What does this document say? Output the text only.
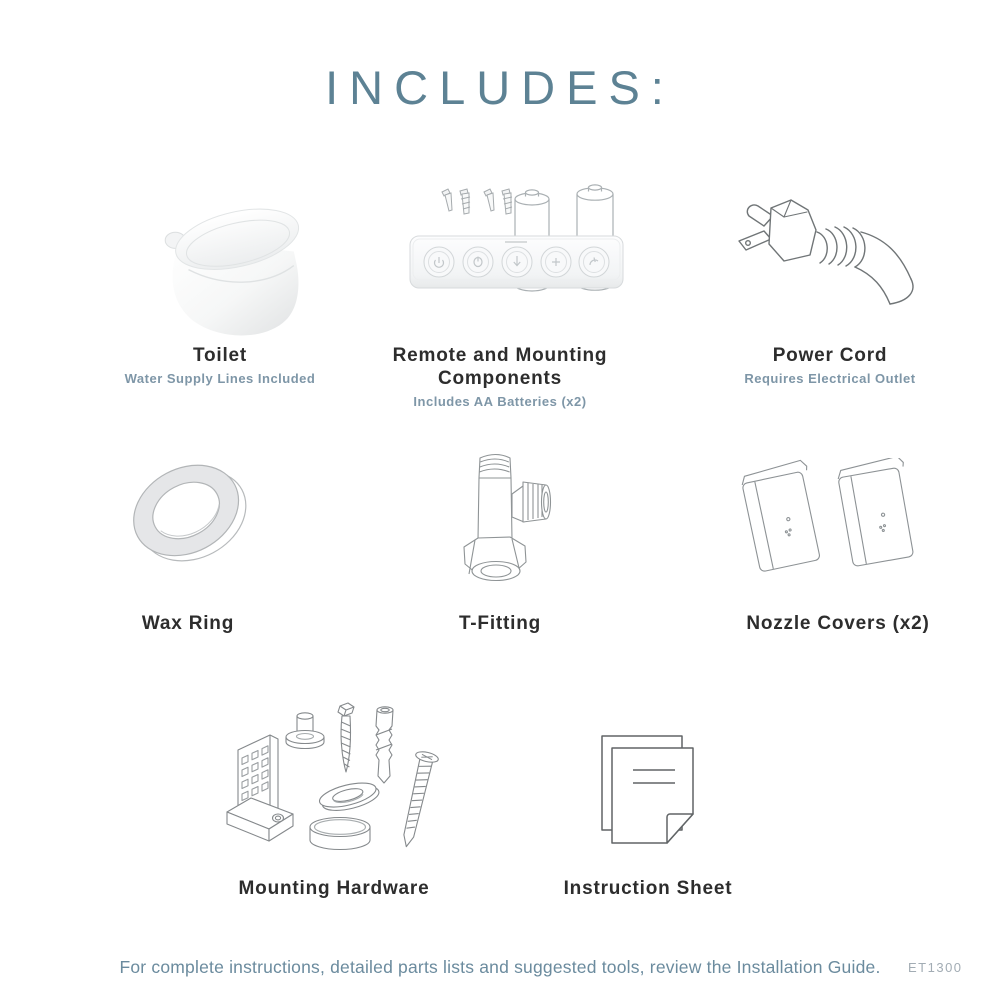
INCLUDES:
Toilet
Water Supply Lines Included
Remote and Mounting Components
Includes AA Batteries (x2)
Power Cord
Requires Electrical Outlet
Wax Ring	T-Fitting	Nozzle Covers (x2)
Mounting Hardware	Instruction Sheet
For complete instructions, detailed parts lists and suggested tools, review the Installation Guide.	ET1300
